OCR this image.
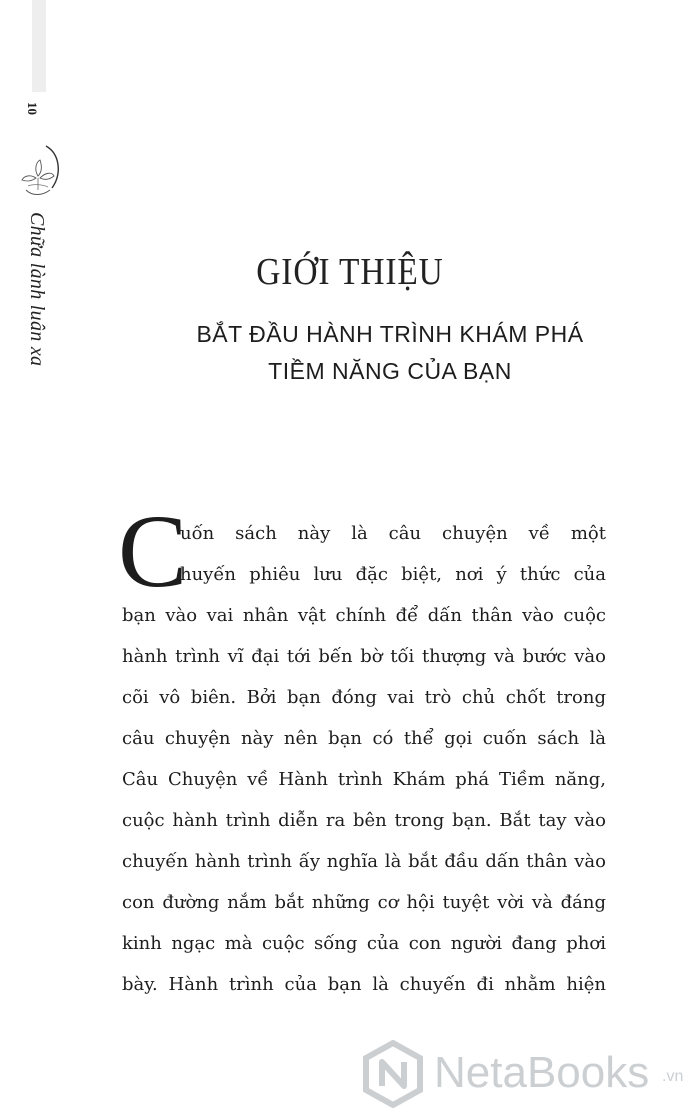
10
Chữa lành luân xa	GIỚI THIỆU
BẮT ĐẦU HÀNH TRÌNH KHÁM PHÁ
TIỀM NĂNG CỦA BẠN
C
uốn sách này là câu chuyện về một
huyến phiêu lưu đặc biệt, nơi ý thức của
bạn vào vai nhân vật chính để dấn thân vào cuộc
hành trình vĩ đại tới bến bờ tối thượng và bước vào
cõi vô biên. Bởi bạn đóng vai trò chủ chốt trong
câu chuyện này nên bạn có thể gọi cuốn sách là
Câu Chuyện về Hành trình Khám phá Tiềm năng,
cuộc hành trình diễn ra bên trong bạn. Bắt tay vào
chuyến hành trình ấy nghĩa là bắt đầu dấn thân vào
con đường nắm bắt những cơ hội tuyệt vời và đáng
kinh ngạc mà cuộc sống của con người đang phơi
bày. Hành trình của bạn là chuyến đi nhằm hiện
NetaBooks .vn
